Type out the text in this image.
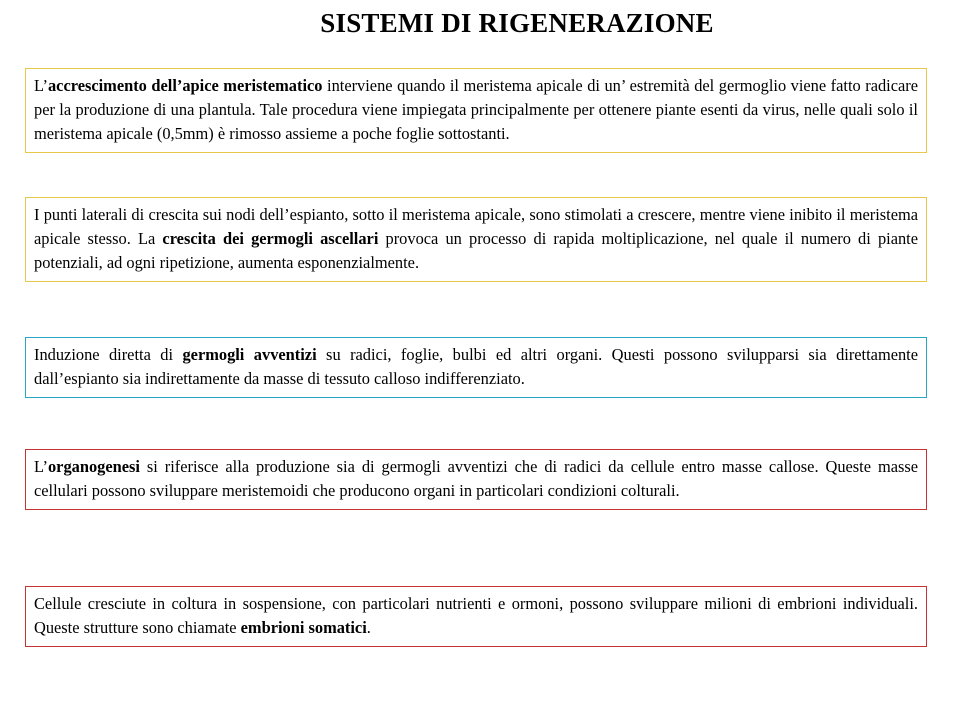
SISTEMI DI RIGENERAZIONE

L’accrescimento dell’apice meristematico interviene quando il meristema apicale di un’ estremità del germoglio viene fatto radicare per la produzione di una plantula. Tale procedura viene impiegata principalmente per ottenere piante esenti da virus, nelle quali solo il meristema apicale (0,5mm) è rimosso assieme a poche foglie sottostanti.

I punti laterali di crescita sui nodi dell’espianto, sotto il meristema apicale, sono stimolati a crescere, mentre viene inibito il meristema apicale stesso. La crescita dei germogli ascellari provoca un processo di rapida moltiplicazione, nel quale il numero di piante potenziali, ad ogni ripetizione, aumenta esponenzialmente.

Induzione diretta di germogli avventizi su radici, foglie, bulbi ed altri organi. Questi possono svilupparsi sia direttamente dall’espianto sia indirettamente da masse di tessuto calloso indifferenziato.

L’organogenesi si riferisce alla produzione sia di germogli avventizi che di radici da cellule entro masse callose. Queste masse cellulari possono sviluppare meristemoidi che producono organi in particolari condizioni colturali.

Cellule cresciute in coltura in sospensione, con particolari nutrienti e ormoni, possono sviluppare milioni di embrioni individuali. Queste strutture sono chiamate embrioni somatici.
